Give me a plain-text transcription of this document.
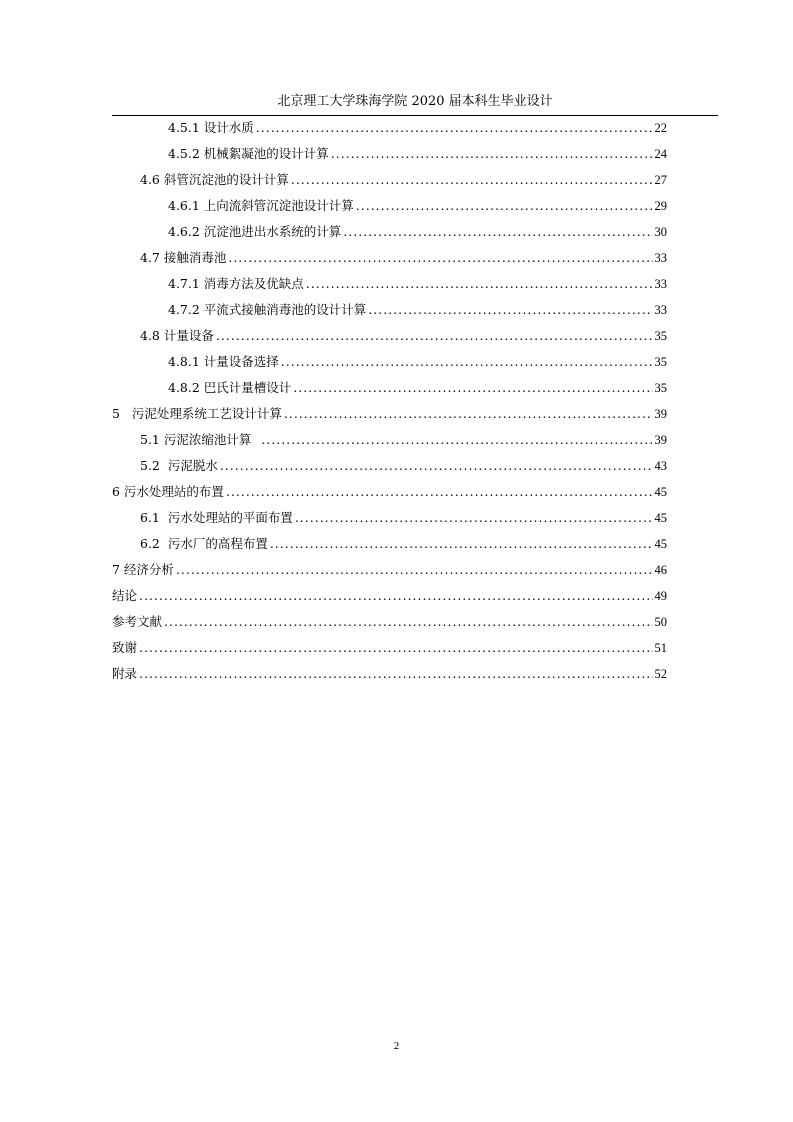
北京理工大学珠海学院 2020 届本科生毕业设计
4.5.1 设计水质 .....	22
4.5.2 机械絮凝池的设计计算 .....	24
4.6 斜管沉淀池的设计计算 .....	27
4.6.1 上向流斜管沉淀池设计计算 .....	29
4.6.2 沉淀池进出水系统的计算 .....	30
4.7 接触消毒池 .....	33
4.7.1 消毒方法及优缺点 .....	33
4.7.2 平流式接触消毒池的设计计算 .....	33
4.8 计量设备 .....	35
4.8.1 计量设备选择 .....	35
4.8.2 巴氏计量槽设计 .....	35
5   污泥处理系统工艺设计计算 .....	39
5.1 污泥浓缩池计算 .....	39
5.2  污泥脱水 .....	43
6 污水处理站的布置 .....	45
6.1  污水处理站的平面布置 .....	45
6.2  污水厂的高程布置 .....	45
7 经济分析 .....	46
结论 .....	49
参考文献 .....	50
致谢 .....	51
附录 .....	52
2
